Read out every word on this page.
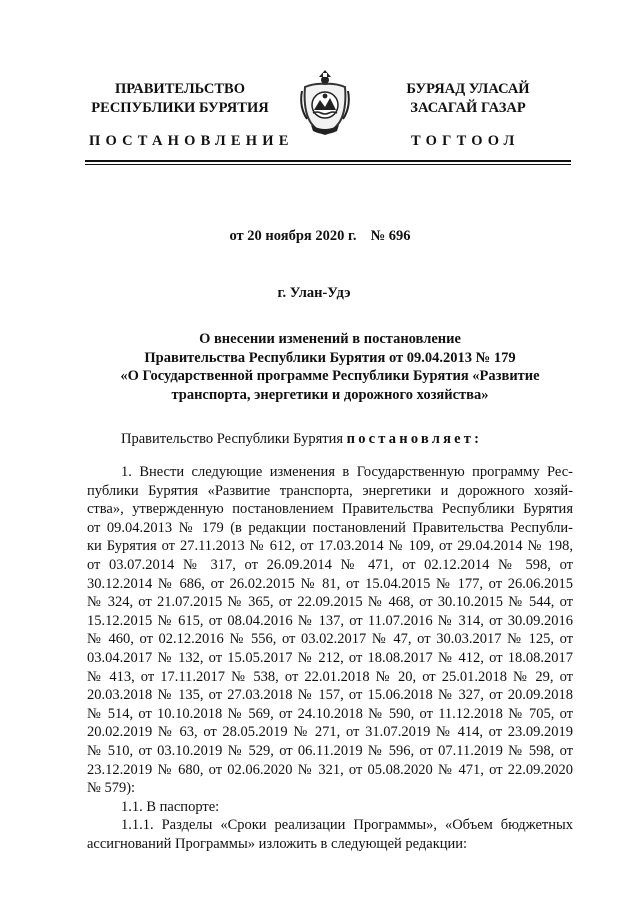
ПРАВИТЕЛЬСТВО
РЕСПУБЛИКИ БУРЯТИЯ
БУРЯАД УЛАСАЙ
ЗАСАГАЙ ГАЗАР
ПОСТАНОВЛЕНИЕ	ТОГТООЛ
от 20 ноября 2020 г. № 696
г. Улан-Удэ
О внесении изменений в постановление
Правительства Республики Бурятия от 09.04.2013 № 179
«О Государственной программе Республики Бурятия «Развитие
транспорта, энергетики и дорожного хозяйства»
Правительство Республики Бурятия постановляет:
1. Внести следующие изменения в Государственную программу Рес-
публики Бурятия «Развитие транспорта, энергетики и дорожного хозяй-
ства», утвержденную постановлением Правительства Республики Бурятия
от 09.04.2013 № 179 (в редакции постановлений Правительства Республи-
ки Бурятия от 27.11.2013 № 612, от 17.03.2014 № 109, от 29.04.2014 № 198,
от 03.07.2014 № 317, от 26.09.2014 № 471, от 02.12.2014 № 598, от
30.12.2014 № 686, от 26.02.2015 № 81, от 15.04.2015 № 177, от 26.06.2015
№ 324, от 21.07.2015 № 365, от 22.09.2015 № 468, от 30.10.2015 № 544, от
15.12.2015 № 615, от 08.04.2016 № 137, от 11.07.2016 № 314, от 30.09.2016
№ 460, от 02.12.2016 № 556, от 03.02.2017 № 47, от 30.03.2017 № 125, от
03.04.2017 № 132, от 15.05.2017 № 212, от 18.08.2017 № 412, от 18.08.2017
№ 413, от 17.11.2017 № 538, от 22.01.2018 № 20, от 25.01.2018 № 29, от
20.03.2018 № 135, от 27.03.2018 № 157, от 15.06.2018 № 327, от 20.09.2018
№ 514, от 10.10.2018 № 569, от 24.10.2018 № 590, от 11.12.2018 № 705, от
20.02.2019 № 63, от 28.05.2019 № 271, от 31.07.2019 № 414, от 23.09.2019
№ 510, от 03.10.2019 № 529, от 06.11.2019 № 596, от 07.11.2019 № 598, от
23.12.2019 № 680, от 02.06.2020 № 321, от 05.08.2020 № 471, от 22.09.2020
№ 579):
1.1. В паспорте:
1.1.1. Разделы «Сроки реализации Программы», «Объем бюджетных
ассигнований Программы» изложить в следующей редакции:
